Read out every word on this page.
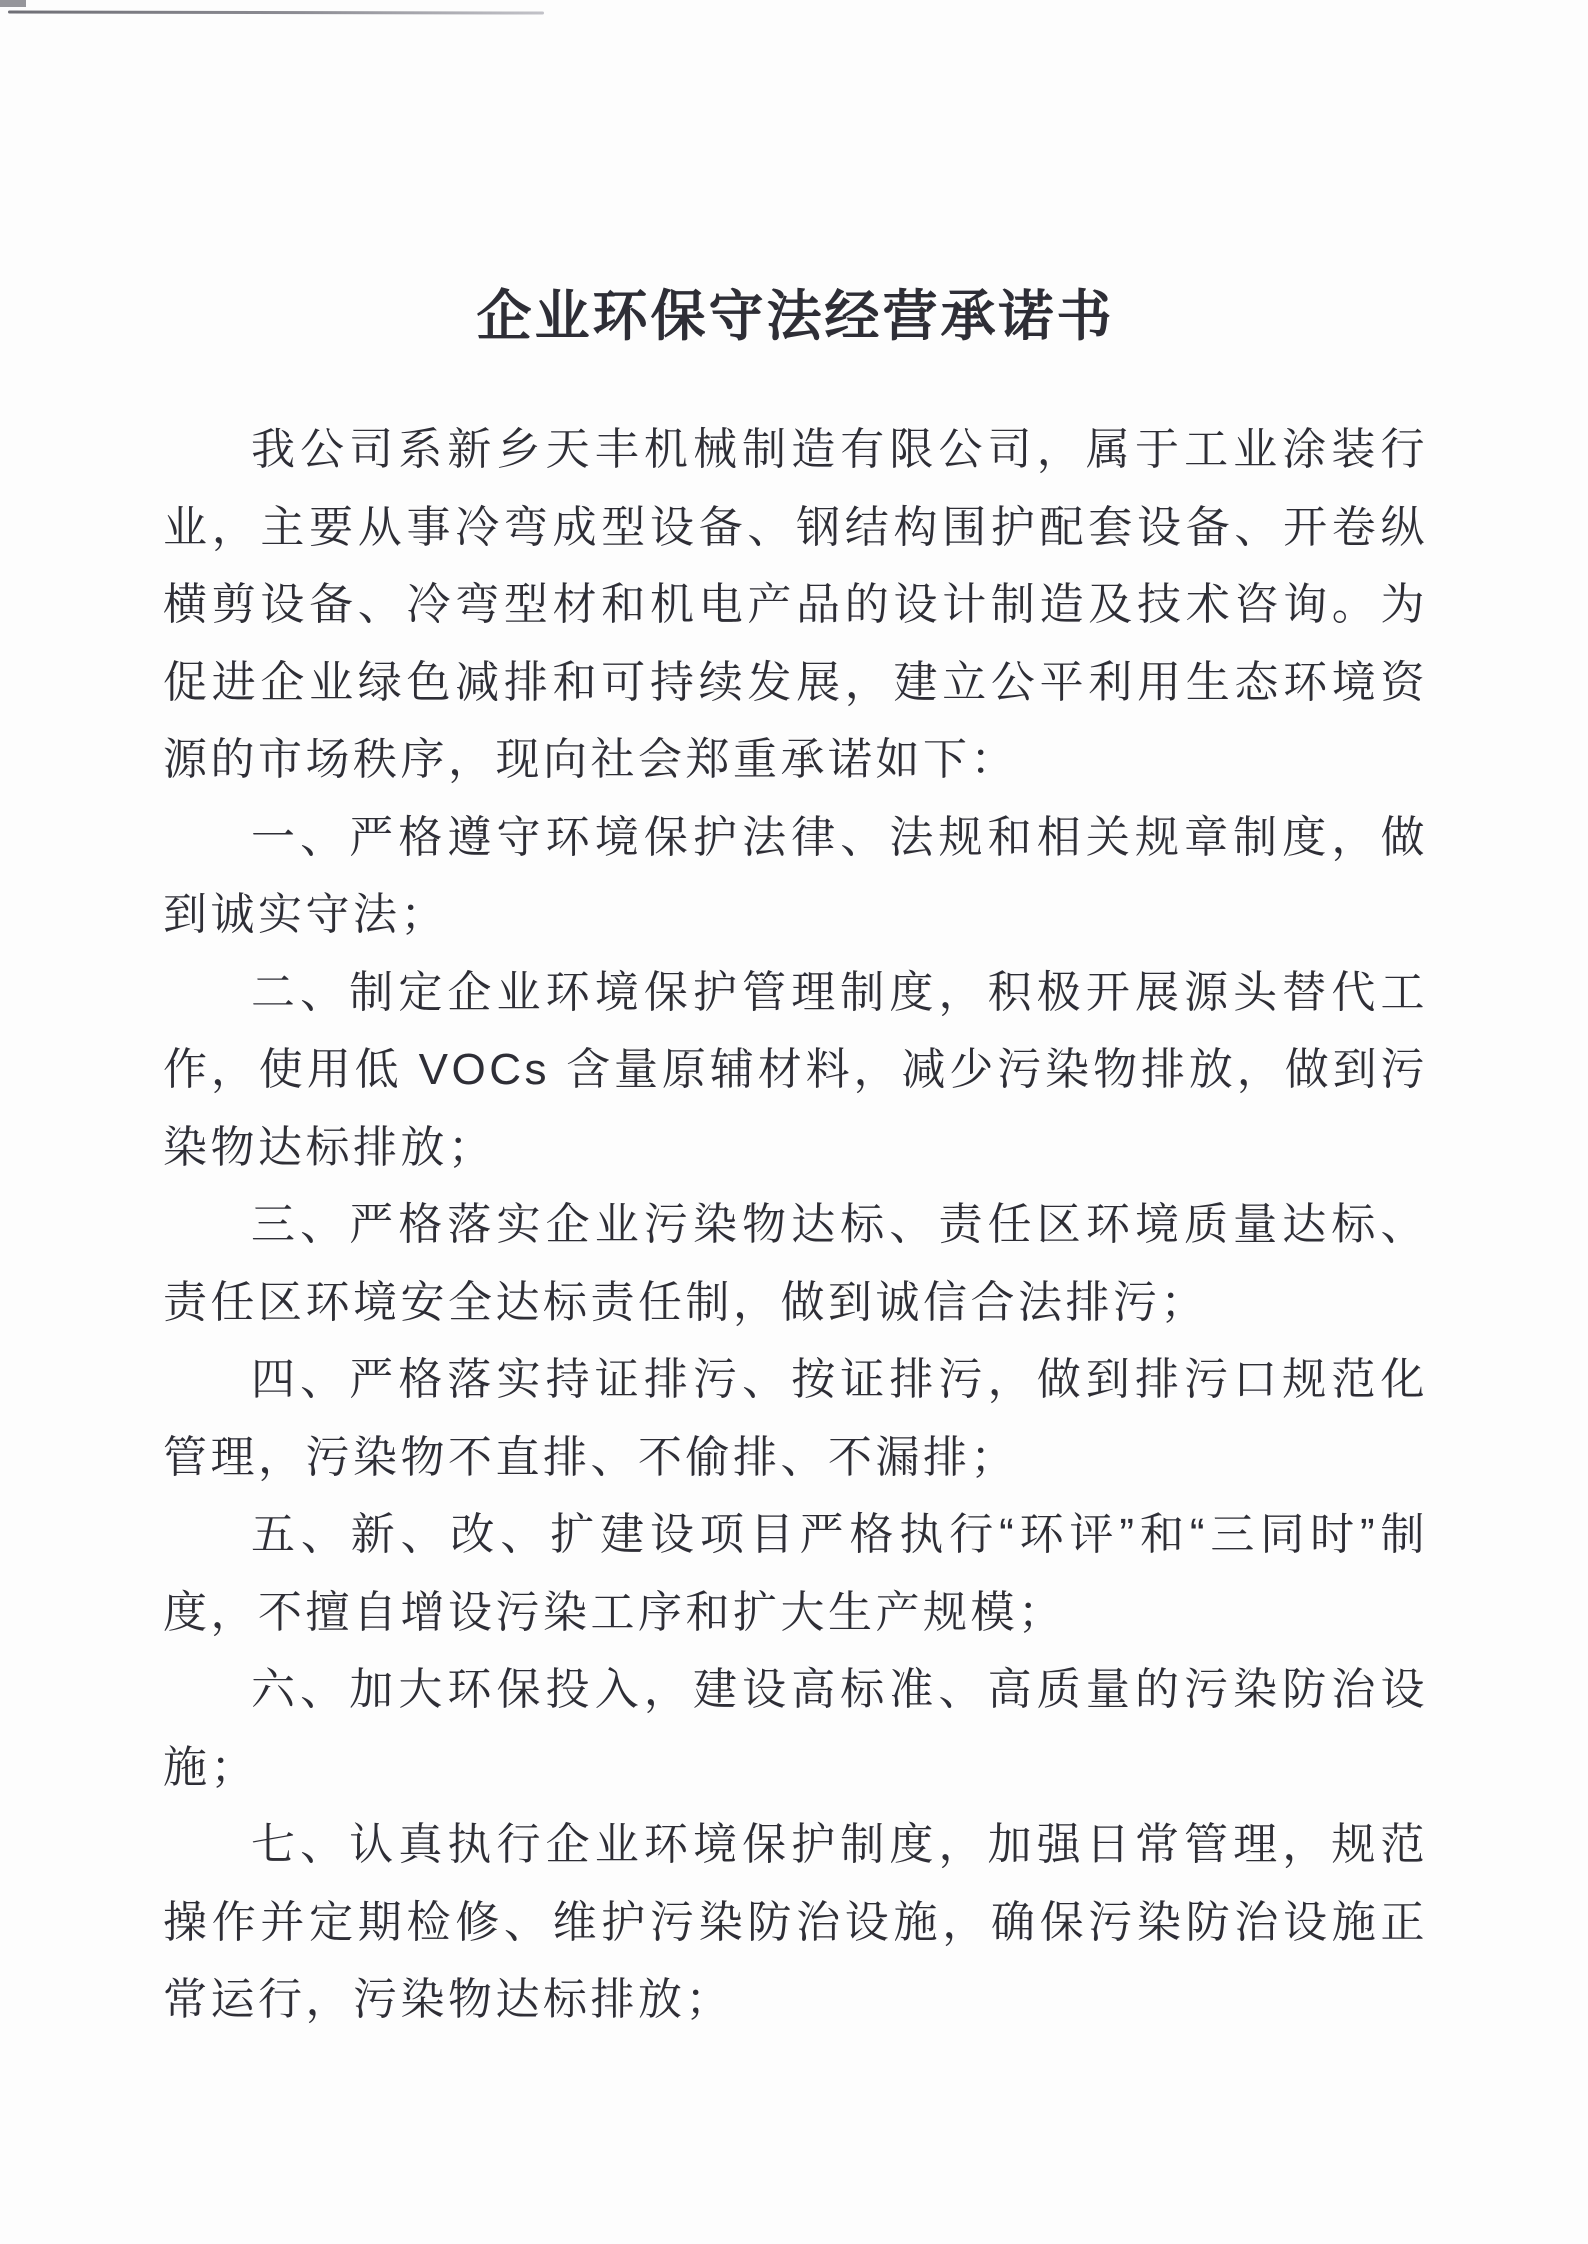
企业环保守法经营承诺书

我公司系新乡天丰机械制造有限公司，属于工业涂装行业，主要从事冷弯成型设备、钢结构围护配套设备、开卷纵横剪设备、冷弯型材和机电产品的设计制造及技术咨询。为促进企业绿色减排和可持续发展，建立公平利用生态环境资源的市场秩序，现向社会郑重承诺如下：

一、严格遵守环境保护法律、法规和相关规章制度，做到诚实守法；

二、制定企业环境保护管理制度，积极开展源头替代工作，使用低 VOCs 含量原辅材料，减少污染物排放，做到污染物达标排放；

三、严格落实企业污染物达标、责任区环境质量达标、责任区环境安全达标责任制，做到诚信合法排污；

四、严格落实持证排污、按证排污，做到排污口规范化管理，污染物不直排、不偷排、不漏排；

五、新、改、扩建设项目严格执行“环评”和“三同时”制度，不擅自增设污染工序和扩大生产规模；

六、加大环保投入，建设高标准、高质量的污染防治设施；

七、认真执行企业环境保护制度，加强日常管理，规范操作并定期检修、维护污染防治设施，确保污染防治设施正常运行，污染物达标排放；
